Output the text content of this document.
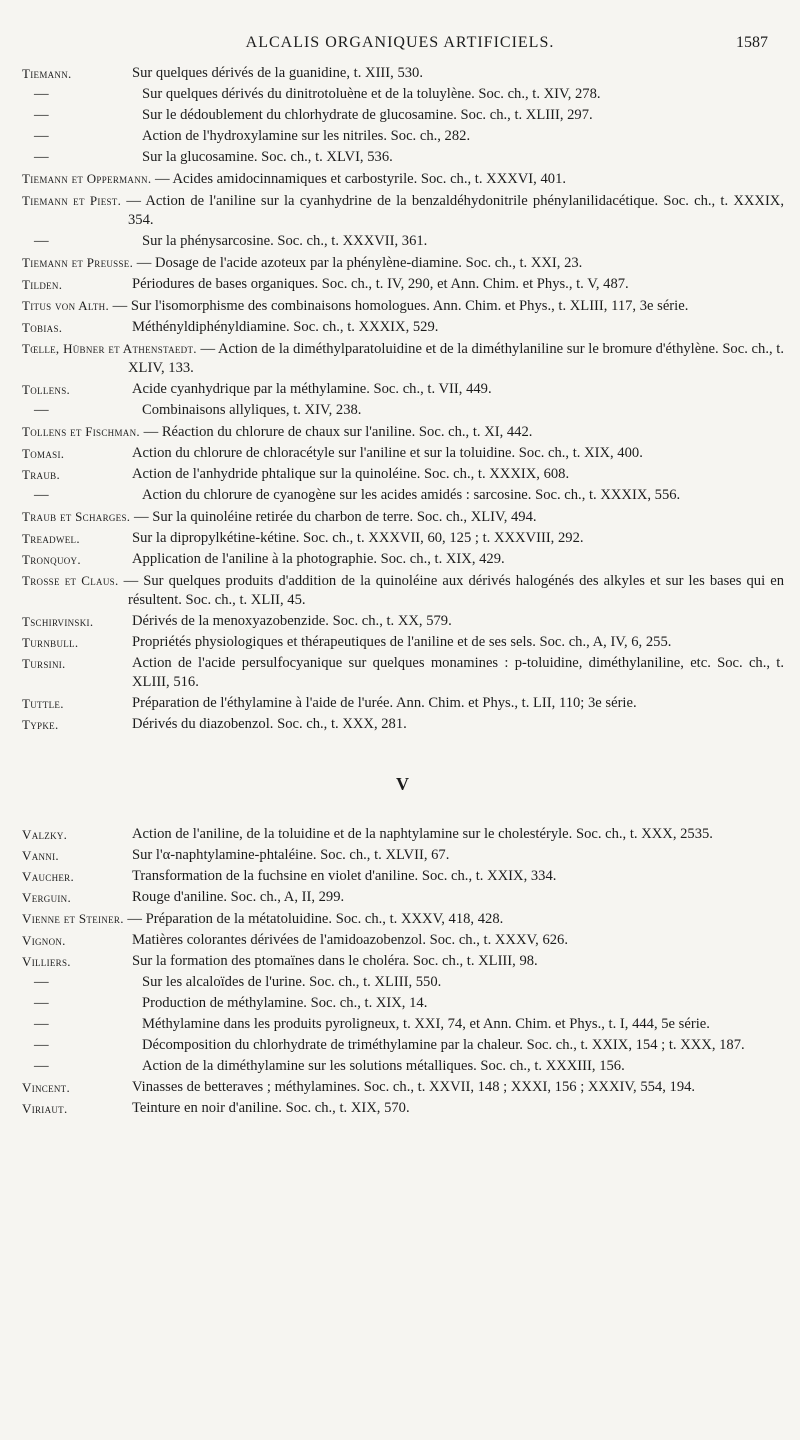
ALCALIS ORGANIQUES ARTIFICIELS.	1587
Tiemann.	Sur quelques dérivés de la guanidine, t. XIII, 530.
—	Sur quelques dérivés du dinitrotoluène et de la toluylène. Soc. ch., t. XIV, 278.
—	Sur le dédoublement du chlorhydrate de glucosamine. Soc. ch., t. XLIII, 297.
—	Action de l'hydroxylamine sur les nitriles. Soc. ch., 282.
—	Sur la glucosamine. Soc. ch., t. XLVI, 536.
Tiemann et Oppermann. — Acides amidocinnamiques et carbostyrile. Soc. ch., t. XXXVI, 401.
Tiemann et Piest. — Action de l'aniline sur la cyanhydrine de la benzaldéhydonitrile phénylanilidacétique. Soc. ch., t. XXXIX, 354.
—	Sur la phénysarcosine. Soc. ch., t. XXXVII, 361.
Tiemann et Preusse. — Dosage de l'acide azoteux par la phénylène-diamine. Soc. ch., t. XXI, 23.
Tilden.	Périodures de bases organiques. Soc. ch., t. IV, 290, et Ann. Chim. et Phys., t. V, 487.
Titus von Alth. — Sur l'isomorphisme des combinaisons homologues. Ann. Chim. et Phys., t. XLIII, 117, 3e série.
Tobias.	Méthényldiphényldiamine. Soc. ch., t. XXXIX, 529.
Tœlle, Hübner et Athenstaedt. — Action de la diméthylparatoluidine et de la diméthylaniline sur le bromure d'éthylène. Soc. ch., t. XLIV, 133.
Tollens.	Acide cyanhydrique par la méthylamine. Soc. ch., t. VII, 449.
—	Combinaisons allyliques, t. XIV, 238.
Tollens et Fischman. — Réaction du chlorure de chaux sur l'aniline. Soc. ch., t. XI, 442.
Tomasi.	Action du chlorure de chloracétyle sur l'aniline et sur la toluidine. Soc. ch., t. XIX, 400.
Traub.	Action de l'anhydride phtalique sur la quinoléine. Soc. ch., t. XXXIX, 608.
—	Action du chlorure de cyanogène sur les acides amidés : sarcosine. Soc. ch., t. XXXIX, 556.
Traub et Scharges. — Sur la quinoléine retirée du charbon de terre. Soc. ch., XLIV, 494.
Treadwel.	Sur la dipropylkétine-kétine. Soc. ch., t. XXXVII, 60, 125 ; t. XXXVIII, 292.
Tronquoy.	Application de l'aniline à la photographie. Soc. ch., t. XIX, 429.
Trosse et Claus. — Sur quelques produits d'addition de la quinoléine aux dérivés halogénés des alkyles et sur les bases qui en résultent. Soc. ch., t. XLII, 45.
Tschirvinski.	Dérivés de la menoxyazobenzide. Soc. ch., t. XX, 579.
Turnbull.	Propriétés physiologiques et thérapeutiques de l'aniline et de ses sels. Soc. ch., A, IV, 6, 255.
Tursini.	Action de l'acide persulfocyanique sur quelques monamines : p-toluidine, diméthylaniline, etc. Soc. ch., t. XLIII, 516.
Tuttle.	Préparation de l'éthylamine à l'aide de l'urée. Ann. Chim. et Phys., t. LII, 110; 3e série.
Typke.	Dérivés du diazobenzol. Soc. ch., t. XXX, 281.
V
Valzky.	Action de l'aniline, de la toluidine et de la naphtylamine sur le cholestéryle. Soc. ch., t. XXX, 2535.
Vanni.	Sur l'α-naphtylamine-phtaléine. Soc. ch., t. XLVII, 67.
Vaucher.	Transformation de la fuchsine en violet d'aniline. Soc. ch., t. XXIX, 334.
Verguin.	Rouge d'aniline. Soc. ch., A, II, 299.
Vienne et Steiner. — Préparation de la métatoluidine. Soc. ch., t. XXXV, 418, 428.
Vignon.	Matières colorantes dérivées de l'amidoazobenzol. Soc. ch., t. XXXV, 626.
Villiers.	Sur la formation des ptomaïnes dans le choléra. Soc. ch., t. XLIII, 98.
—	Sur les alcaloïdes de l'urine. Soc. ch., t. XLIII, 550.
—	Production de méthylamine. Soc. ch., t. XIX, 14.
—	Méthylamine dans les produits pyroligneux, t. XXI, 74, et Ann. Chim. et Phys., t. I, 444, 5e série.
—	Décomposition du chlorhydrate de triméthylamine par la chaleur. Soc. ch., t. XXIX, 154 ; t. XXX, 187.
—	Action de la diméthylamine sur les solutions métalliques. Soc. ch., t. XXXIII, 156.
Vincent.	Vinasses de betteraves ; méthylamines. Soc. ch., t. XXVII, 148 ; XXXI, 156 ; XXXIV, 554, 194.
Viriaut.	Teinture en noir d'aniline. Soc. ch., t. XIX, 570.
